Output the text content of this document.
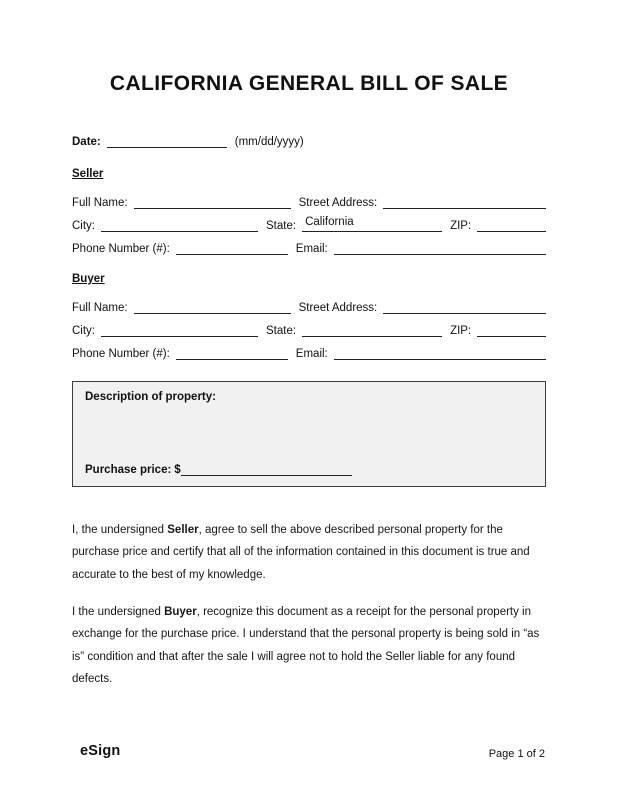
CALIFORNIA GENERAL BILL OF SALE
Date:	(mm/dd/yyyy)
Seller
Full Name:	Street Address:
City:	State: California	ZIP:
Phone Number (#):	Email:
Buyer
Full Name:	Street Address:
City:	State:	ZIP:
Phone Number (#):	Email:
Description of property:
Purchase price: $
I, the undersigned Seller, agree to sell the above described personal property for the purchase price and certify that all of the information contained in this document is true and accurate to the best of my knowledge.
I the undersigned Buyer, recognize this document as a receipt for the personal property in exchange for the purchase price. I understand that the personal property is being sold in “as is” condition and that after the sale I will agree not to hold the Seller liable for any found defects.
eSign	Page 1 of 2
